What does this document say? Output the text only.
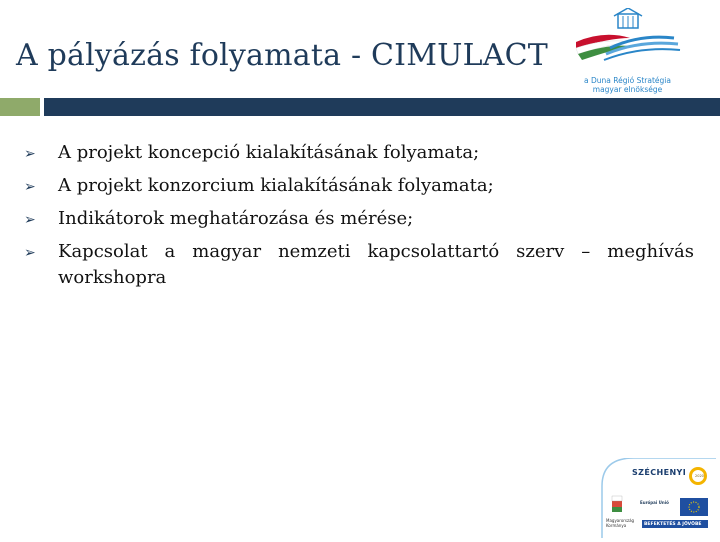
A pályázás folyamata - CIMULACT
a Duna Régió Stratégia
magyar elnöksége
➢	A projekt koncepció kialakításának folyamata;
➢	A projekt konzorcium kialakításának folyamata;
➢	Indikátorok meghatározása és mérése;
➢	Kapcsolat a magyar nemzeti kapcsolattartó szerv – meghívás workshopra
SZÉCHENYI	2020
Európai Unió
Magyarország Kormánya	BEFEKTETÉS A JÖVŐBE
